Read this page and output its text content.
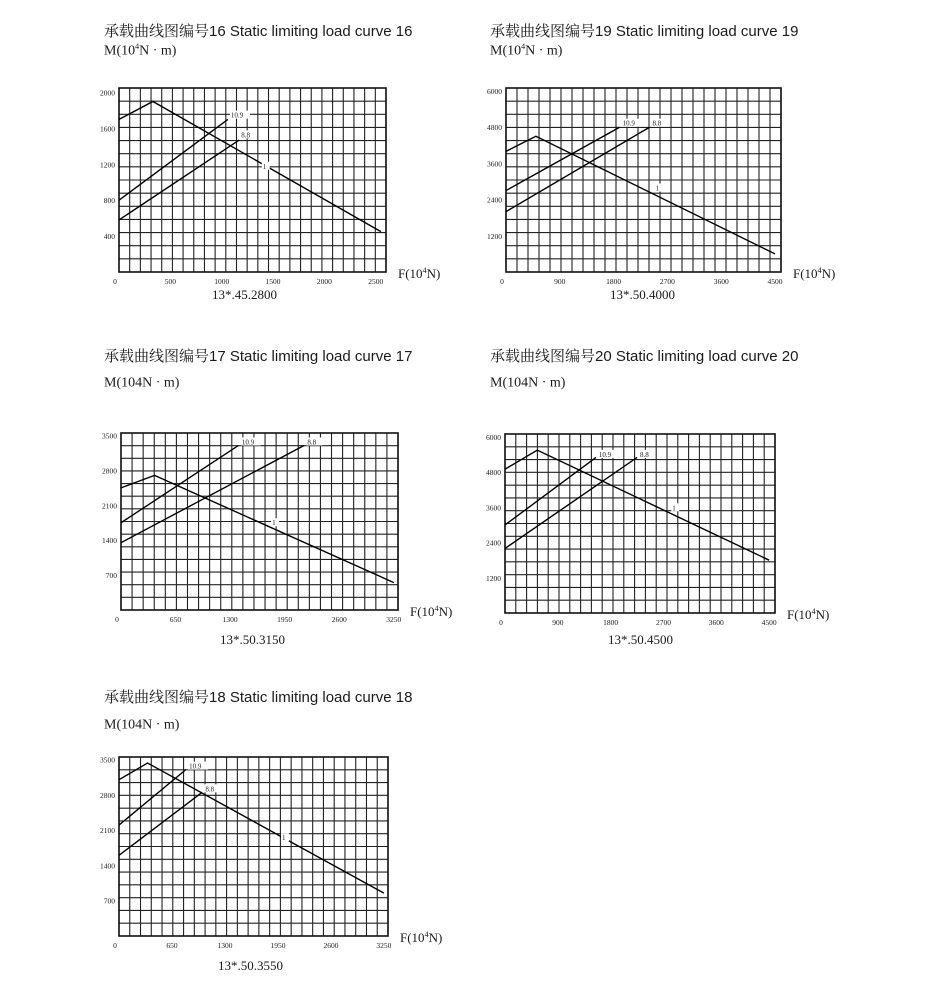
承载曲线图编号16 Static limiting load curve 16
$M(10^4N \cdot m)$
400
800
1200
1600
2000
0	500	1000	1500	2000	2500
$F(10^4N)$
1
10.9
8.8
13*.45.2800
承载曲线图编号19 Static limiting load curve 19
$M(10^4N \cdot m)$
1200
2400
3600
4800
6000
0	900	1800	2700	3600	4500
$F(10^4N)$
1
10.9	8.8
13*.50.4000
承载曲线图编号17 Static limiting load curve 17
M(104N · m)
700
1400
2100
2800
3500
0	650	1300	1950	2600	3250
$F(10^4N)$
1
10.9	8.8
13*.50.3150
承载曲线图编号20 Static limiting load curve 20
M(104N · m)
1200
2400
3600
4800
6000
0	900	1800	2700	3600	4500
$F(10^4N)$
1
10.9	8.8
13*.50.4500
承载曲线图编号18 Static limiting load curve 18
M(104N · m)
700
1400
2100
2800
3500
0	650	1300	1950	2600	3250
$F(10^4N)$
1
10.9
8.8
13*.50.3550
